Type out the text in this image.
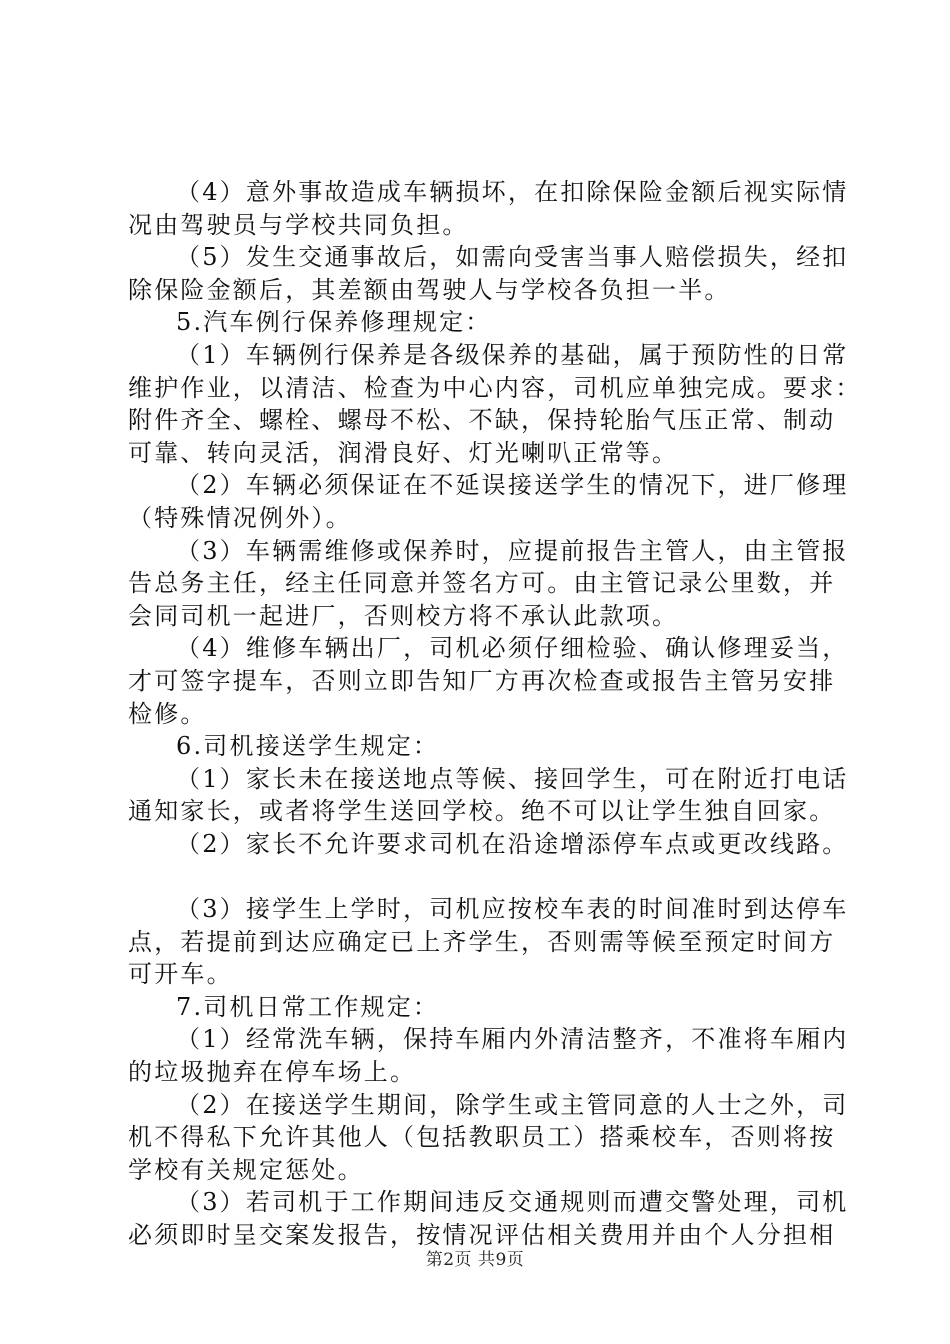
（4）意外事故造成车辆损坏，在扣除保险金额后视实际情
况由驾驶员与学校共同负担。
（5）发生交通事故后，如需向受害当事人赔偿损失，经扣
除保险金额后，其差额由驾驶人与学校各负担一半。
5.汽车例行保养修理规定：
（1）车辆例行保养是各级保养的基础，属于预防性的日常
维护作业，以清洁、检查为中心内容，司机应单独完成。要求：
附件齐全、螺栓、螺母不松、不缺，保持轮胎气压正常、制动
可靠、转向灵活，润滑良好、灯光喇叭正常等。
（2）车辆必须保证在不延误接送学生的情况下，进厂修理
（特殊情况例外）。
（3）车辆需维修或保养时，应提前报告主管人，由主管报
告总务主任，经主任同意并签名方可。由主管记录公里数，并
会同司机一起进厂，否则校方将不承认此款项。
（4）维修车辆出厂，司机必须仔细检验、确认修理妥当，
才可签字提车，否则立即告知厂方再次检查或报告主管另安排
检修。
6.司机接送学生规定：
（1）家长未在接送地点等候、接回学生，可在附近打电话
通知家长，或者将学生送回学校。绝不可以让学生独自回家。
（2）家长不允许要求司机在沿途增添停车点或更改线路。
（3）接学生上学时，司机应按校车表的时间准时到达停车
点，若提前到达应确定已上齐学生，否则需等候至预定时间方
可开车。
7.司机日常工作规定：
（1）经常洗车辆，保持车厢内外清洁整齐，不准将车厢内
的垃圾抛弃在停车场上。
（2）在接送学生期间，除学生或主管同意的人士之外，司
机不得私下允许其他人（包括教职员工）搭乘校车，否则将按
学校有关规定惩处。
（3）若司机于工作期间违反交通规则而遭交警处理，司机
必须即时呈交案发报告，按情况评估相关费用并由个人分担相
第2页 共9页
